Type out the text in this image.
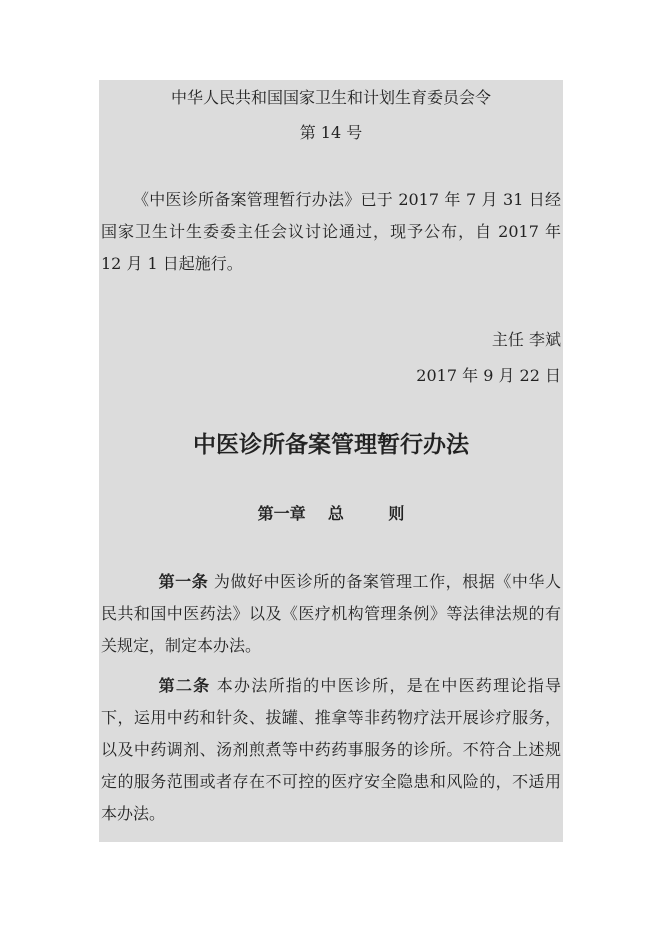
中华人民共和国国家卫生和计划生育委员会令
第 14 号
《中医诊所备案管理暂行办法》已于 2017 年 7 月 31 日经国家卫生计生委委主任会议讨论通过，现予公布，自 2017 年 12 月 1 日起施行。
主任 李斌
2017 年 9 月 22 日
中医诊所备案管理暂行办法
第一章    总        则
第一条 为做好中医诊所的备案管理工作，根据《中华人民共和国中医药法》以及《医疗机构管理条例》等法律法规的有关规定，制定本办法。
第二条 本办法所指的中医诊所，是在中医药理论指导下，运用中药和针灸、拔罐、推拿等非药物疗法开展诊疗服务，以及中药调剂、汤剂煎煮等中药药事服务的诊所。不符合上述规定的服务范围或者存在不可控的医疗安全隐患和风险的，不适用本办法。
